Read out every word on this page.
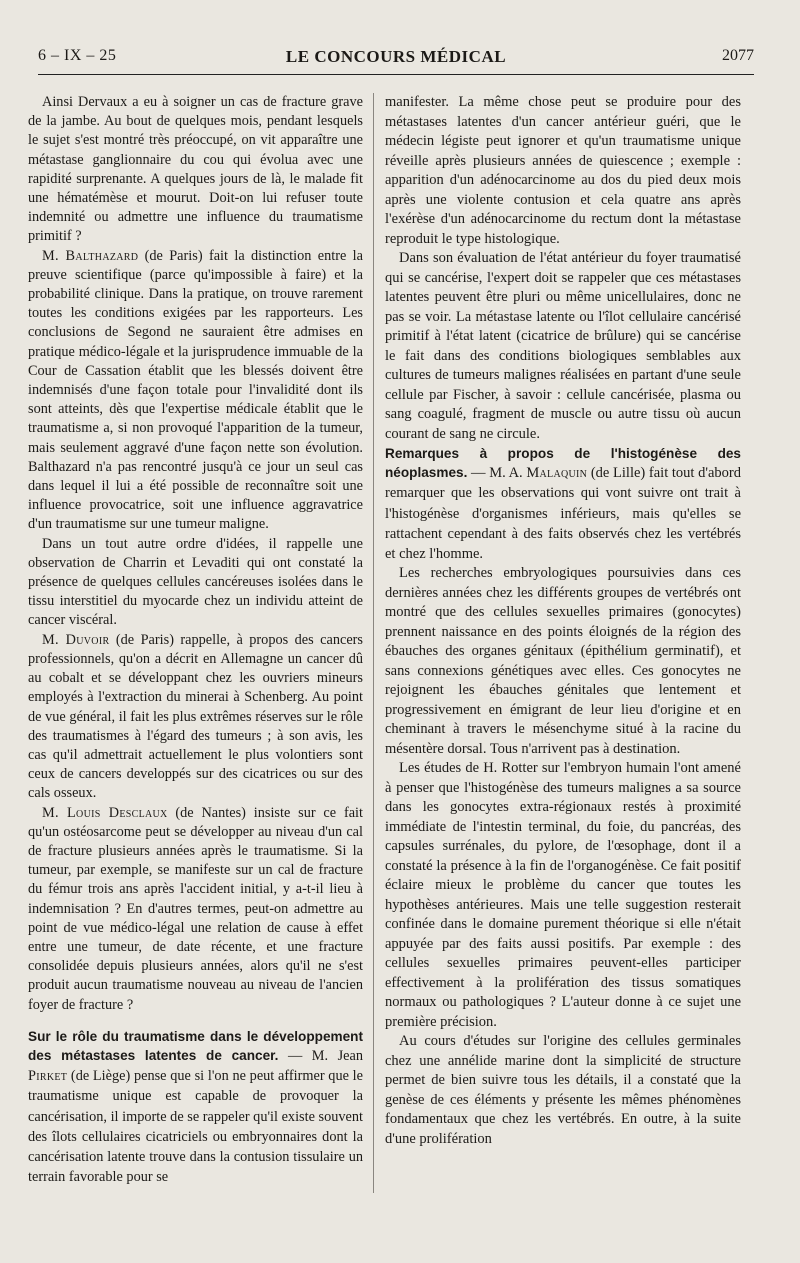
6 – IX – 25	LE CONCOURS MÉDICAL	2077

Ainsi Dervaux a eu à soigner un cas de fracture grave de la jambe. Au bout de quelques mois, pendant lesquels le sujet s'est montré très préoccupé, on vit apparaître une métastase ganglionnaire du cou qui évolua avec une rapidité surprenante. A quelques jours de là, le malade fit une hématémèse et mourut. Doit-on lui refuser toute indemnité ou admettre une influence du traumatisme primitif ?

M. Balthazard (de Paris) fait la distinction entre la preuve scientifique (parce qu'impossible à faire) et la probabilité clinique. Dans la pratique, on trouve rarement toutes les conditions exigées par les rapporteurs. Les conclusions de Segond ne sauraient être admises en pratique médico-légale et la jurisprudence immuable de la Cour de Cassation établit que les blessés doivent être indemnisés d'une façon totale pour l'invalidité dont ils sont atteints, dès que l'expertise médicale établit que le traumatisme a, si non provoqué l'apparition de la tumeur, mais seulement aggravé d'une façon nette son évolution. Balthazard n'a pas rencontré jusqu'à ce jour un seul cas dans lequel il lui a été possible de reconnaître soit une influence provocatrice, soit une influence aggravatrice d'un traumatisme sur une tumeur maligne.

Dans un tout autre ordre d'idées, il rappelle une observation de Charrin et Levaditi qui ont constaté la présence de quelques cellules cancéreuses isolées dans le tissu interstitiel du myocarde chez un individu atteint de cancer viscéral.

M. Duvoir (de Paris) rappelle, à propos des cancers professionnels, qu'on a décrit en Allemagne un cancer dû au cobalt et se développant chez les ouvriers mineurs employés à l'extraction du minerai à Schenberg. Au point de vue général, il fait les plus extrêmes réserves sur le rôle des traumatismes à l'égard des tumeurs ; à son avis, les cas qu'il admettrait actuellement le plus volontiers sont ceux de cancers developpés sur des cicatrices ou sur des cals osseux.

M. Louis Desclaux (de Nantes) insiste sur ce fait qu'un ostéosarcome peut se développer au niveau d'un cal de fracture plusieurs années après le traumatisme. Si la tumeur, par exemple, se manifeste sur un cal de fracture du fémur trois ans après l'accident initial, y a-t-il lieu à indemnisation ? En d'autres termes, peut-on admettre au point de vue médico-légal une relation de cause à effet entre une tumeur, de date récente, et une fracture consolidée depuis plusieurs années, alors qu'il ne s'est produit aucun traumatisme nouveau au niveau de l'ancien foyer de fracture ?

Sur le rôle du traumatisme dans le développement des métastases latentes de cancer. — M. Jean Pirket (de Liège) pense que si l'on ne peut affirmer que le traumatisme unique est capable de provoquer la cancérisation, il importe de se rappeler qu'il existe souvent des îlots cellulaires cicatriciels ou embryonnaires dont la cancérisation latente trouve dans la contusion tissulaire un terrain favorable pour se

manifester. La même chose peut se produire pour des métastases latentes d'un cancer antérieur guéri, que le médecin légiste peut ignorer et qu'un traumatisme unique réveille après plusieurs années de quiescence ; exemple : apparition d'un adénocarcinome au dos du pied deux mois après une violente contusion et cela quatre ans après l'exérèse d'un adénocarcinome du rectum dont la métastase reproduit le type histologique.

Dans son évaluation de l'état antérieur du foyer traumatisé qui se cancérise, l'expert doit se rappeler que ces métastases latentes peuvent être pluri ou même unicellulaires, donc ne pas se voir. La métastase latente ou l'îlot cellulaire cancérisé primitif à l'état latent (cicatrice de brûlure) qui se cancérise le fait dans des conditions biologiques semblables aux cultures de tumeurs malignes réalisées en partant d'une seule cellule par Fischer, à savoir : cellule cancérisée, plasma ou sang coagulé, fragment de muscle ou autre tissu où aucun courant de sang ne circule.

Remarques à propos de l'histogénèse des néoplasmes. — M. A. Malaquin (de Lille) fait tout d'abord remarquer que les observations qui vont suivre ont trait à l'histogénèse d'organismes inférieurs, mais qu'elles se rattachent cependant à des faits observés chez les vertébrés et chez l'homme.

Les recherches embryologiques poursuivies dans ces dernières années chez les différents groupes de vertébrés ont montré que des cellules sexuelles primaires (gonocytes) prennent naissance en des points éloignés de la région des ébauches des organes génitaux (épithélium germinatif), et sans connexions génétiques avec elles. Ces gonocytes ne rejoignent les ébauches génitales que lentement et progressivement en émigrant de leur lieu d'origine et en cheminant à travers le mésenchyme situé à la racine du mésentère dorsal. Tous n'arrivent pas à destination.

Les études de H. Rotter sur l'embryon humain l'ont amené à penser que l'histogénèse des tumeurs malignes a sa source dans les gonocytes extra-régionaux restés à proximité immédiate de l'intestin terminal, du foie, du pancréas, des capsules surrénales, du pylore, de l'œsophage, dont il a constaté la présence à la fin de l'organogénèse. Ce fait positif éclaire mieux le problème du cancer que toutes les hypothèses antérieures. Mais une telle suggestion resterait confinée dans le domaine purement théorique si elle n'était appuyée par des faits aussi positifs. Par exemple : des cellules sexuelles primaires peuvent-elles participer effectivement à la prolifération des tissus somatiques normaux ou pathologiques ? L'auteur donne à ce sujet une première précision.

Au cours d'études sur l'origine des cellules germinales chez une annélide marine dont la simplicité de structure permet de bien suivre tous les détails, il a constaté que la genèse de ces éléments y présente les mêmes phénomènes fondamentaux que chez les vertébrés. En outre, à la suite d'une prolifération
